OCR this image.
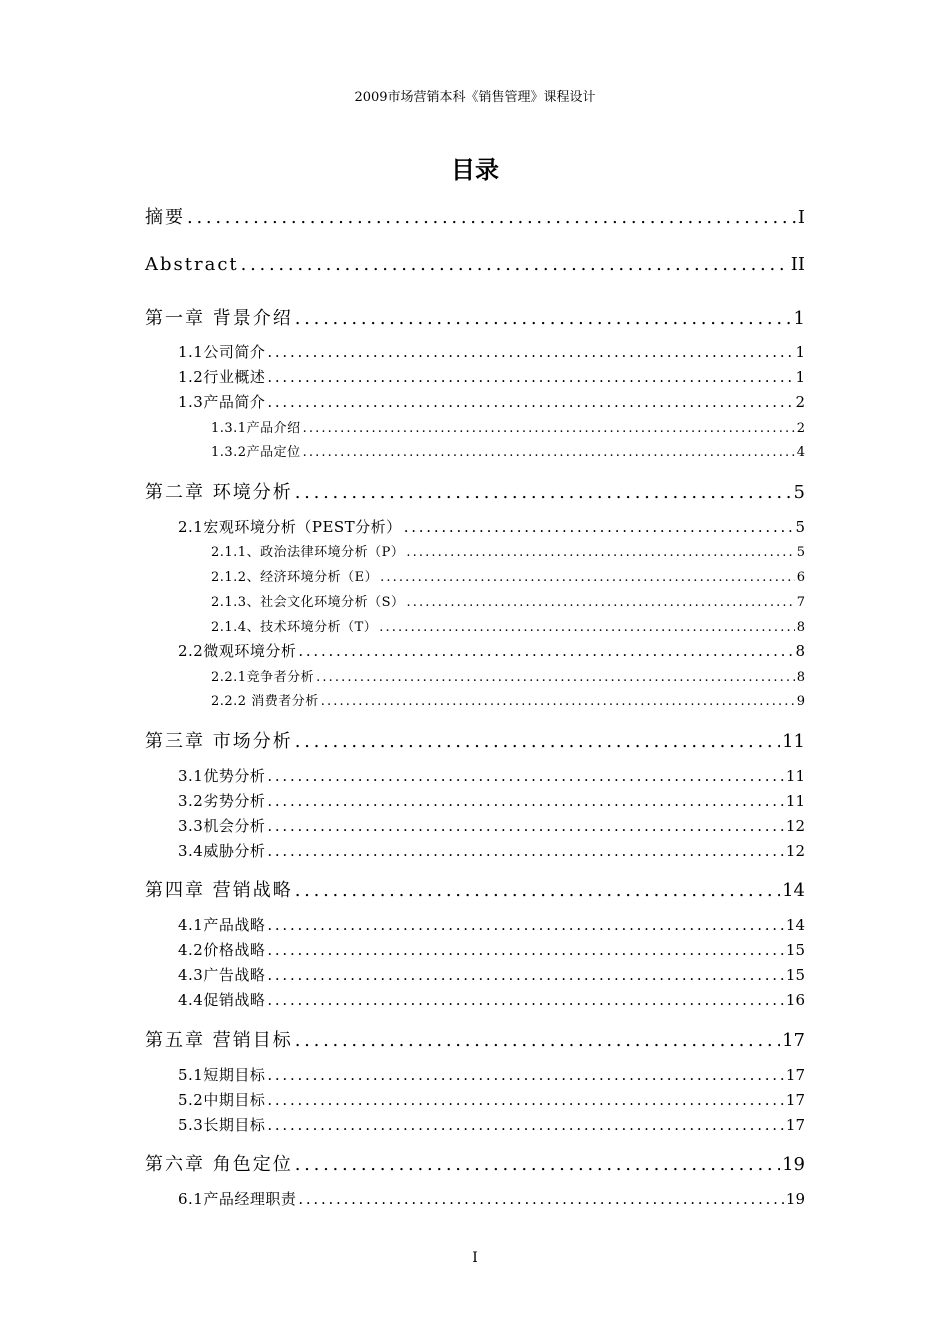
2009市场营销本科《销售管理》课程设计
目录
摘要 . . .	I
Abstract . . .	II
第一章 背景介绍 . . .	1
1.1公司简介 . . .	1
1.2行业概述 . . .	1
1.3产品简介 . . .	2
1.3.1产品介绍 . . .	2
1.3.2产品定位 . . .	4
第二章 环境分析 . . .	5
2.1宏观环境分析（PEST分析） . . .	5
2.1.1、政治法律环境分析（P） . . .	5
2.1.2、经济环境分析（E） . . .	6
2.1.3、社会文化环境分析（S） . . .	7
2.1.4、技术环境分析（T） . . .	8
2.2微观环境分析 . . .	8
2.2.1竞争者分析 . . .	8
2.2.2 消费者分析 . . .	9
第三章 市场分析 . . .	11
3.1优势分析 . . .	11
3.2劣势分析 . . .	11
3.3机会分析 . . .	12
3.4威胁分析 . . .	12
第四章 营销战略 . . .	14
4.1产品战略 . . .	14
4.2价格战略 . . .	15
4.3广告战略 . . .	15
4.4促销战略 . . .	16
第五章 营销目标 . . .	17
5.1短期目标 . . .	17
5.2中期目标 . . .	17
5.3长期目标 . . .	17
第六章 角色定位 . . .	19
6.1产品经理职责 . . .	19
I
